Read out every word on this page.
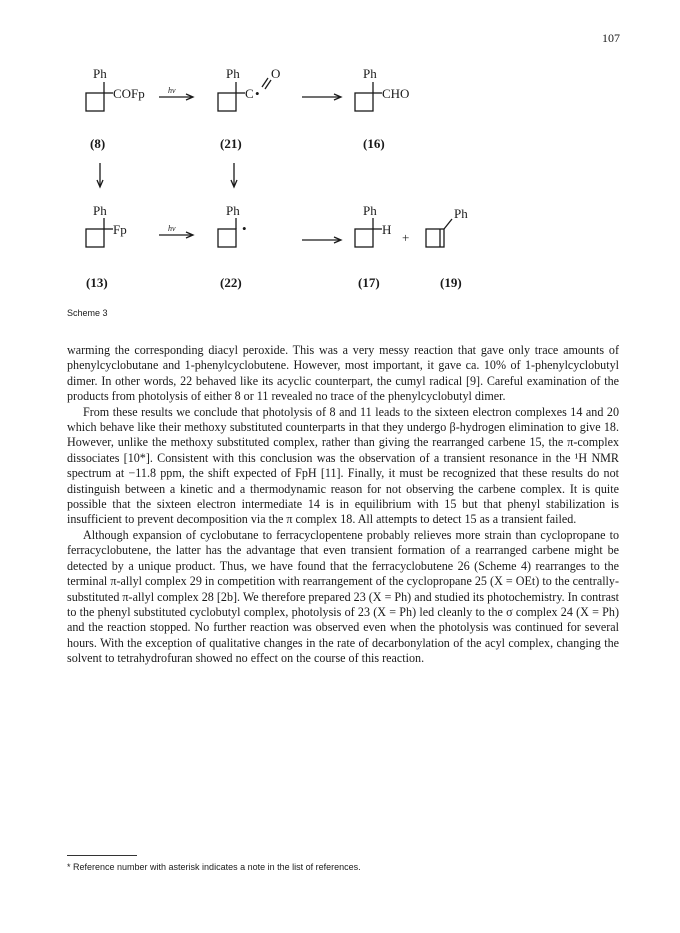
107
Ph	Ph	Ph
Ph	Ph	Ph
COFp	C •
O
CHO
Fp	•	H
+
Ph
hν
hν
(8)	(21)	(16)
(13)	(22)	(17)	(19)
Scheme 3

warming the corresponding diacyl peroxide. This was a very messy reaction that gave only trace amounts of phenylcyclobutane and 1-phenylcyclobutene. However, most important, it gave ca. 10% of 1-phenylcyclobutyl dimer. In other words, 22 behaved like its acyclic counterpart, the cumyl radical [9]. Careful examination of the products from photolysis of either 8 or 11 revealed no trace of the phenylcyclobutyl dimer.

From these results we conclude that photolysis of 8 and 11 leads to the sixteen electron complexes 14 and 20 which behave like their methoxy substituted counterparts in that they undergo β-hydrogen elimination to give 18. However, unlike the methoxy substituted complex, rather than giving the rearranged carbene 15, the π-complex dissociates [10*]. Consistent with this conclusion was the observation of a transient resonance in the ¹H NMR spectrum at −11.8 ppm, the shift expected of FpH [11]. Finally, it must be recognized that these results do not distinguish between a kinetic and a thermodynamic reason for not observing the carbene complex. It is quite possible that the sixteen electron intermediate 14 is in equilibrium with 15 but that phenyl stabilization is insufficient to prevent decomposition via the π complex 18. All attempts to detect 15 as a transient failed.

Although expansion of cyclobutane to ferracyclopentene probably relieves more strain than cyclopropane to ferracyclobutene, the latter has the advantage that even transient formation of a rearranged carbene might be detected by a unique product. Thus, we have found that the ferracyclobutene 26 (Scheme 4) rearranges to the terminal π-allyl complex 29 in competition with rearrangement of the cyclopropane 25 (X = OEt) to the centrally-substituted π-allyl complex 28 [2b]. We therefore prepared 23 (X = Ph) and studied its photochemistry. In contrast to the phenyl substituted cyclobutyl complex, photolysis of 23 (X = Ph) led cleanly to the σ complex 24 (X = Ph) and the reaction stopped. No further reaction was observed even when the photolysis was continued for several hours. With the exception of qualitative changes in the rate of decarbonylation of the acyl complex, changing the solvent to tetrahydrofuran showed no effect on the course of this reaction.

* Reference number with asterisk indicates a note in the list of references.
